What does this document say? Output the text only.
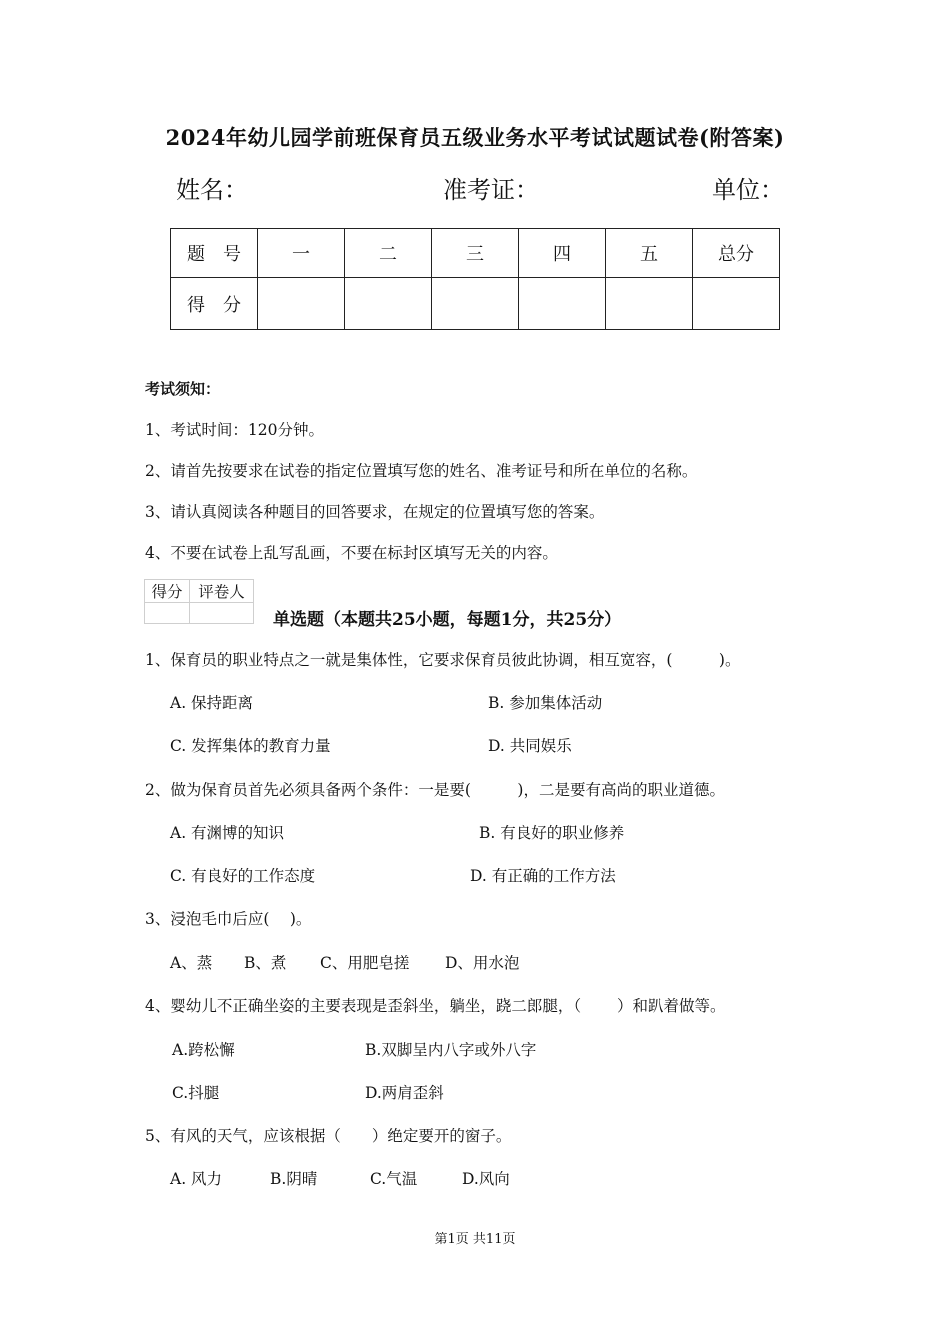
2024年幼儿园学前班保育员五级业务水平考试试题试卷(附答案)
姓名：	准考证：	单位：
题　号	一	二	三	四	五	总分
得　分						
考试须知：
1、考试时间：120分钟。
2、请首先按要求在试卷的指定位置填写您的姓名、准考证号和所在单位的名称。
3、请认真阅读各种题目的回答要求，在规定的位置填写您的答案。
4、不要在试卷上乱写乱画，不要在标封区填写无关的内容。
得分	评卷人

单选题（本题共25小题，每题1分，共25分）
1、保育员的职业特点之一就是集体性，它要求保育员彼此协调，相互宽容，(　　　)。
A. 保持距离	B. 参加集体活动
C. 发挥集体的教育力量	D. 共同娱乐
2、做为保育员首先必须具备两个条件：一是要(　　　)，二是要有高尚的职业道德。
A. 有渊博的知识	B. 有良好的职业修养
C. 有良好的工作态度	D. 有正确的工作方法
3、浸泡毛巾后应(　 )。
A、蒸 B、煮 C、用肥皂搓 D、用水泡
4、婴幼儿不正确坐姿的主要表现是歪斜坐，躺坐，跷二郎腿，（　　 ）和趴着做等。
A.跨松懈	B.双脚呈内八字或外八字
C.抖腿	D.两肩歪斜
5、有风的天气，应该根据（　　）绝定要开的窗子。
A. 风力	B.阴晴	C.气温	D.风向
第1页 共11页
